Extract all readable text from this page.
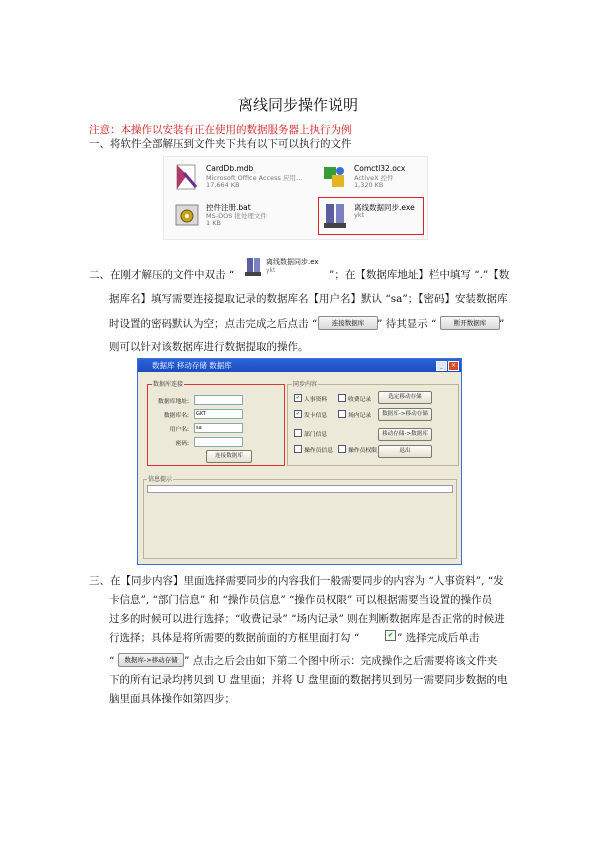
离线同步操作说明
注意：本操作以安装有正在使用的数据服务器上执行为例
一、将软件全部解压到文件夹下共有以下可以执行的文件
CardDb.mdb
Microsoft Office Access 应用…
17,664 KB
Comctl32.ocx
ActiveX 控件
1,320 KB
控件注册.bat
MS-DOS 批处理文件
1 KB
离线数据同步.exe
ykt
二、在刚才解压的文件中双击 “
离线数据同步.ex
ykt	”；在【数据库地址】栏中填写 “.”【数
据库名】填写需要连接提取记录的数据库名【用户名】默认 “sa”；【密码】安装数据库
时设置的密码默认为空；点击完成之后点击 “	连接数据库	” 待其显示 “	断开数据库	”
则可以针对该数据库进行数据提取的操作。
数据库 移动存储 数据库	_	×
数据库连接
数据库地址:
数据库名:	GKT
用户名:	sa
密码:
连接数据库
同步内容
✔ 人事资料	收费记录
✔ 发卡信息	场内记录
部门信息
操作员信息	操作员权限
选定移动存储
数据库->移动存储
移动存储->数据库
退出
信息提示
三、在【同步内容】里面选择需要同步的内容我们一般需要同步的内容为 “人事资料”, “发
卡信息”, “部门信息” 和 “操作员信息” “操作员权限” 可以根据需要当设置的操作员
过多的时候可以进行选择；“收费记录” “场内记录” 则在判断数据库是否正常的时候进
行选择；具体是将所需要的数据前面的方框里面打勾 “	✔ ” 选择完成后单击
“	数据库->移动存储 ” 点击之后会由如下第二个图中所示：完成操作之后需要将该文件夹
下的所有记录均拷贝到 U 盘里面；并将 U 盘里面的数据拷贝到另一需要同步数据的电
脑里面具体操作如第四步；
